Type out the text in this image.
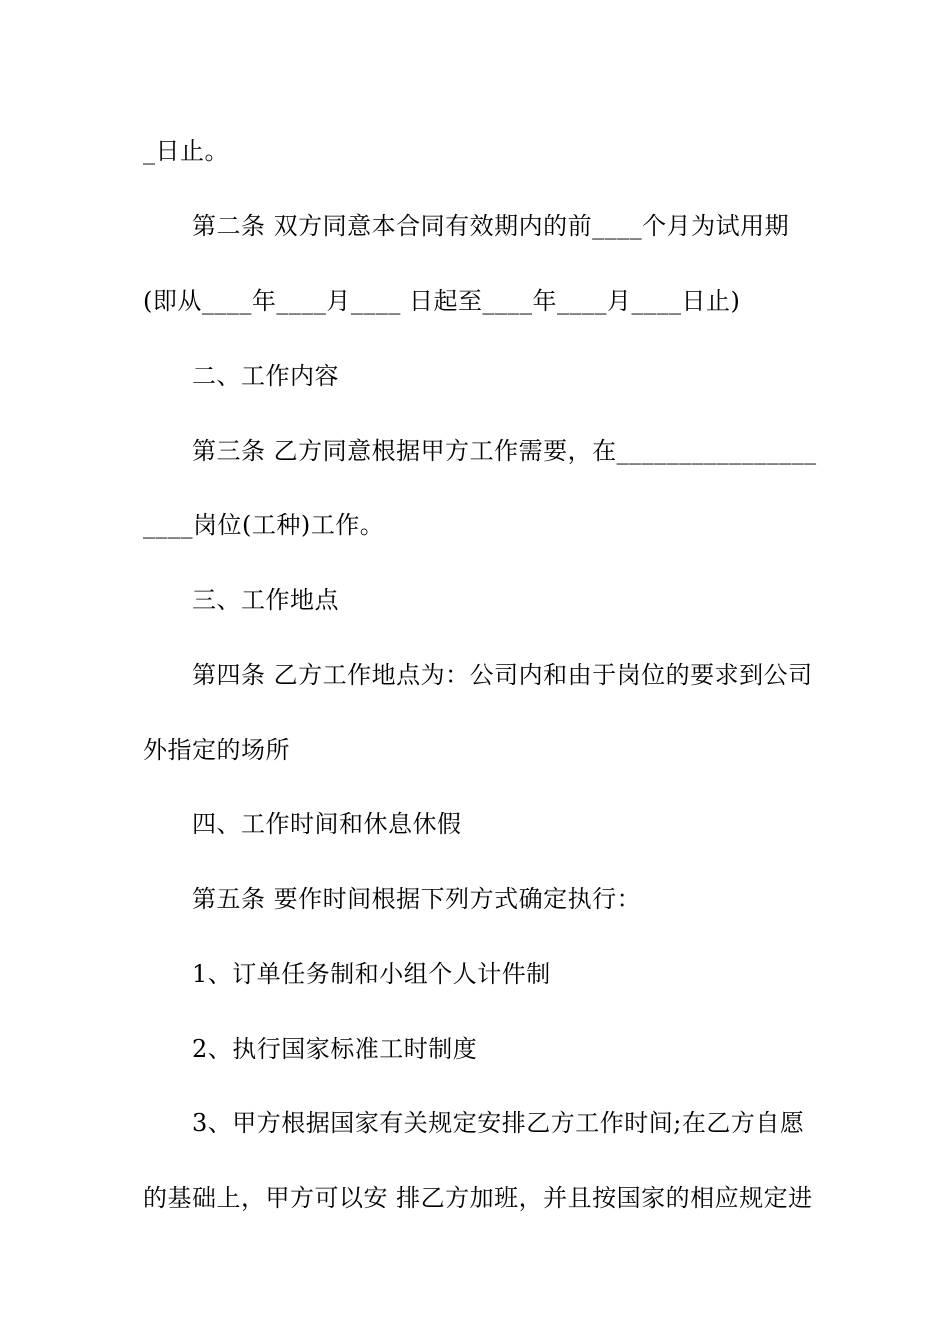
_日止。
第二条 双方同意本合同有效期内的前____个月为试用期
(即从____年____月____ 日起至____年____月____日止)
二、工作内容
第三条 乙方同意根据甲方工作需要，在________________
____岗位(工种)工作。
三、工作地点
第四条 乙方工作地点为：公司内和由于岗位的要求到公司
外指定的场所
四、工作时间和休息休假
第五条 要作时间根据下列方式确定执行：
1、订单任务制和小组个人计件制
2、执行国家标准工时制度
3、甲方根据国家有关规定安排乙方工作时间;在乙方自愿
的基础上，甲方可以安 排乙方加班，并且按国家的相应规定进
